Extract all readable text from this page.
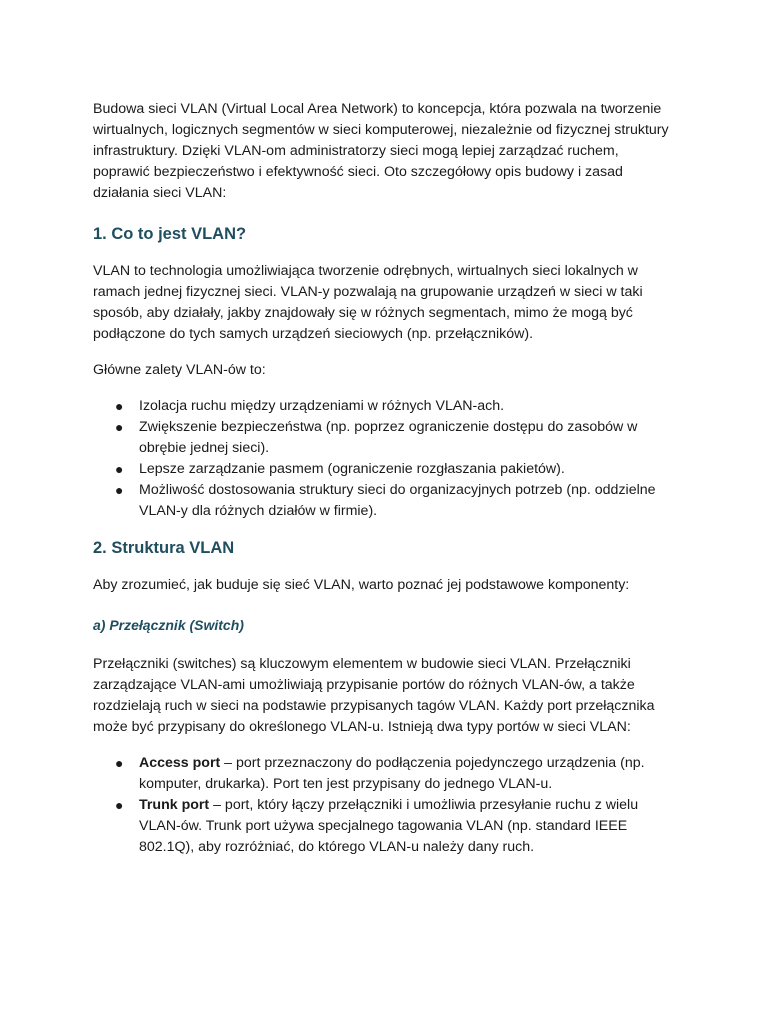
Budowa sieci VLAN (Virtual Local Area Network) to koncepcja, która pozwala na tworzenie wirtualnych, logicznych segmentów w sieci komputerowej, niezależnie od fizycznej struktury infrastruktury. Dzięki VLAN-om administratorzy sieci mogą lepiej zarządzać ruchem, poprawić bezpieczeństwo i efektywność sieci. Oto szczegółowy opis budowy i zasad działania sieci VLAN:

1. Co to jest VLAN?

VLAN to technologia umożliwiająca tworzenie odrębnych, wirtualnych sieci lokalnych w ramach jednej fizycznej sieci. VLAN-y pozwalają na grupowanie urządzeń w sieci w taki sposób, aby działały, jakby znajdowały się w różnych segmentach, mimo że mogą być podłączone do tych samych urządzeń sieciowych (np. przełączników).

Główne zalety VLAN-ów to:

● Izolacja ruchu między urządzeniami w różnych VLAN-ach.
● Zwiększenie bezpieczeństwa (np. poprzez ograniczenie dostępu do zasobów w obrębie jednej sieci).
● Lepsze zarządzanie pasmem (ograniczenie rozgłaszania pakietów).
● Możliwość dostosowania struktury sieci do organizacyjnych potrzeb (np. oddzielne VLAN-y dla różnych działów w firmie).
2. Struktura VLAN

Aby zrozumieć, jak buduje się sieć VLAN, warto poznać jej podstawowe komponenty:

a) Przełącznik (Switch)

Przełączniki (switches) są kluczowym elementem w budowie sieci VLAN. Przełączniki zarządzające VLAN-ami umożliwiają przypisanie portów do różnych VLAN-ów, a także rozdzielają ruch w sieci na podstawie przypisanych tagów VLAN. Każdy port przełącznika może być przypisany do określonego VLAN-u. Istnieją dwa typy portów w sieci VLAN:

● Access port – port przeznaczony do podłączenia pojedynczego urządzenia (np. komputer, drukarka). Port ten jest przypisany do jednego VLAN-u.
● Trunk port – port, który łączy przełączniki i umożliwia przesyłanie ruchu z wielu VLAN-ów. Trunk port używa specjalnego tagowania VLAN (np. standard IEEE 802.1Q), aby rozróżniać, do którego VLAN-u należy dany ruch.
